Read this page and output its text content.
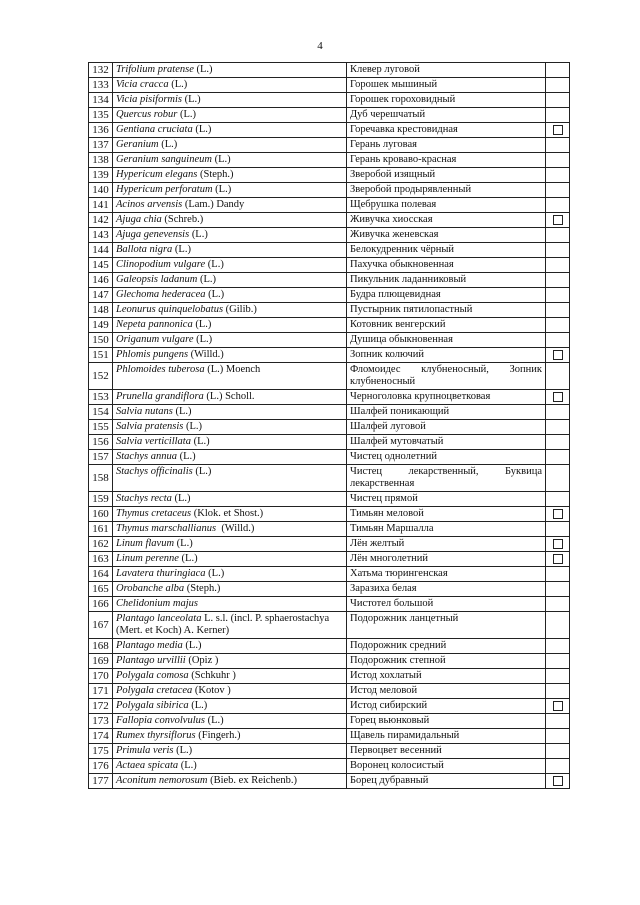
4
132	Trifolium pratense (L.)	Клевер луговой	
133	Vicia cracca (L.)	Горошек мышиный	
134	Vicia pisiformis (L.)	Горошек гороховидный	
135	Quercus robur (L.)	Дуб черешчатый	
136	Gentiana cruciata (L.)	Горечавка крестовидная	
137	Geranium (L.)	Герань луговая	
138	Geranium sanguineum (L.)	Герань кроваво-красная	
139	Hypericum elegans (Steph.)	Зверобой изящный	
140	Hypericum perforatum (L.)	Зверобой продырявленный	
141	Acinos arvensis (Lam.) Dandy	Щебрушка полевая	
142	Ajuga chia (Schreb.)	Живучка хиосская	
143	Ajuga genevensis (L.)	Живучка женевская	
144	Ballota nigra (L.)	Белокудренник чёрный	
145	Clinopodium vulgare (L.)	Пахучка обыкновенная	
146	Galeopsis ladanum (L.)	Пикульник ладанниковый	
147	Glechoma hederacea (L.)	Будра плющевидная	
148	Leonurus quinquelobatus (Gilib.)	Пустырник пятилопастный	
149	Nepeta pannonica (L.)	Котовник венгерский	
150	Origanum vulgare (L.)	Душица обыкновенная	
151	Phlomis pungens (Willd.)	Зопник колючий	
152	Phlomoides tuberosa (L.) Moench	Фломоидес клубненосный, Зопник клубненосный	
153	Prunella grandiflora (L.) Scholl.	Черноголовка крупноцветковая	
154	Salvia nutans (L.)	Шалфей поникающий	
155	Salvia pratensis (L.)	Шалфей луговой	
156	Salvia verticillata (L.)	Шалфей мутовчатый	
157	Stachys annua (L.)	Чистец однолетний	
158	Stachys officinalis (L.)	Чистец лекарственный, Буквица лекарственная	
159	Stachys recta (L.)	Чистец прямой	
160	Thymus cretaceus (Klok. et Shost.)	Тимьян меловой	
161	Thymus marschallianus  (Willd.)	Тимьян Маршалла	
162	Linum flavum (L.)	Лён желтый	
163	Linum perenne (L.)	Лён многолетний	
164	Lavatera thuringiaca (L.)	Хатьма тюрингенская	
165	Orobanche alba (Steph.)	Заразиха белая	
166	Chelidonium majus	Чистотел большой	
167	Plantago lanceolata L. s.l. (incl. P. sphaerostachya (Mert. et Koch) A. Kerner)	Подорожник ланцетный	
168	Plantago media (L.)	Подорожник средний	
169	Plantago urvillii (Opiz )	Подорожник степной	
170	Polygala comosa (Schkuhr )	Истод хохлатый	
171	Polygala cretacea (Kotov )	Истод меловой	
172	Polygala sibirica (L.)	Истод сибирский	
173	Fallopia convolvulus (L.)	Горец вьюнковый	
174	Rumex thyrsiflorus (Fingerh.)	Щавель пирамидальный	
175	Primula veris (L.)	Первоцвет весенний	
176	Actaea spicata (L.)	Воронец колосистый	
177	Aconitum nemorosum (Bieb. ex Reichenb.)	Борец дубравный	
